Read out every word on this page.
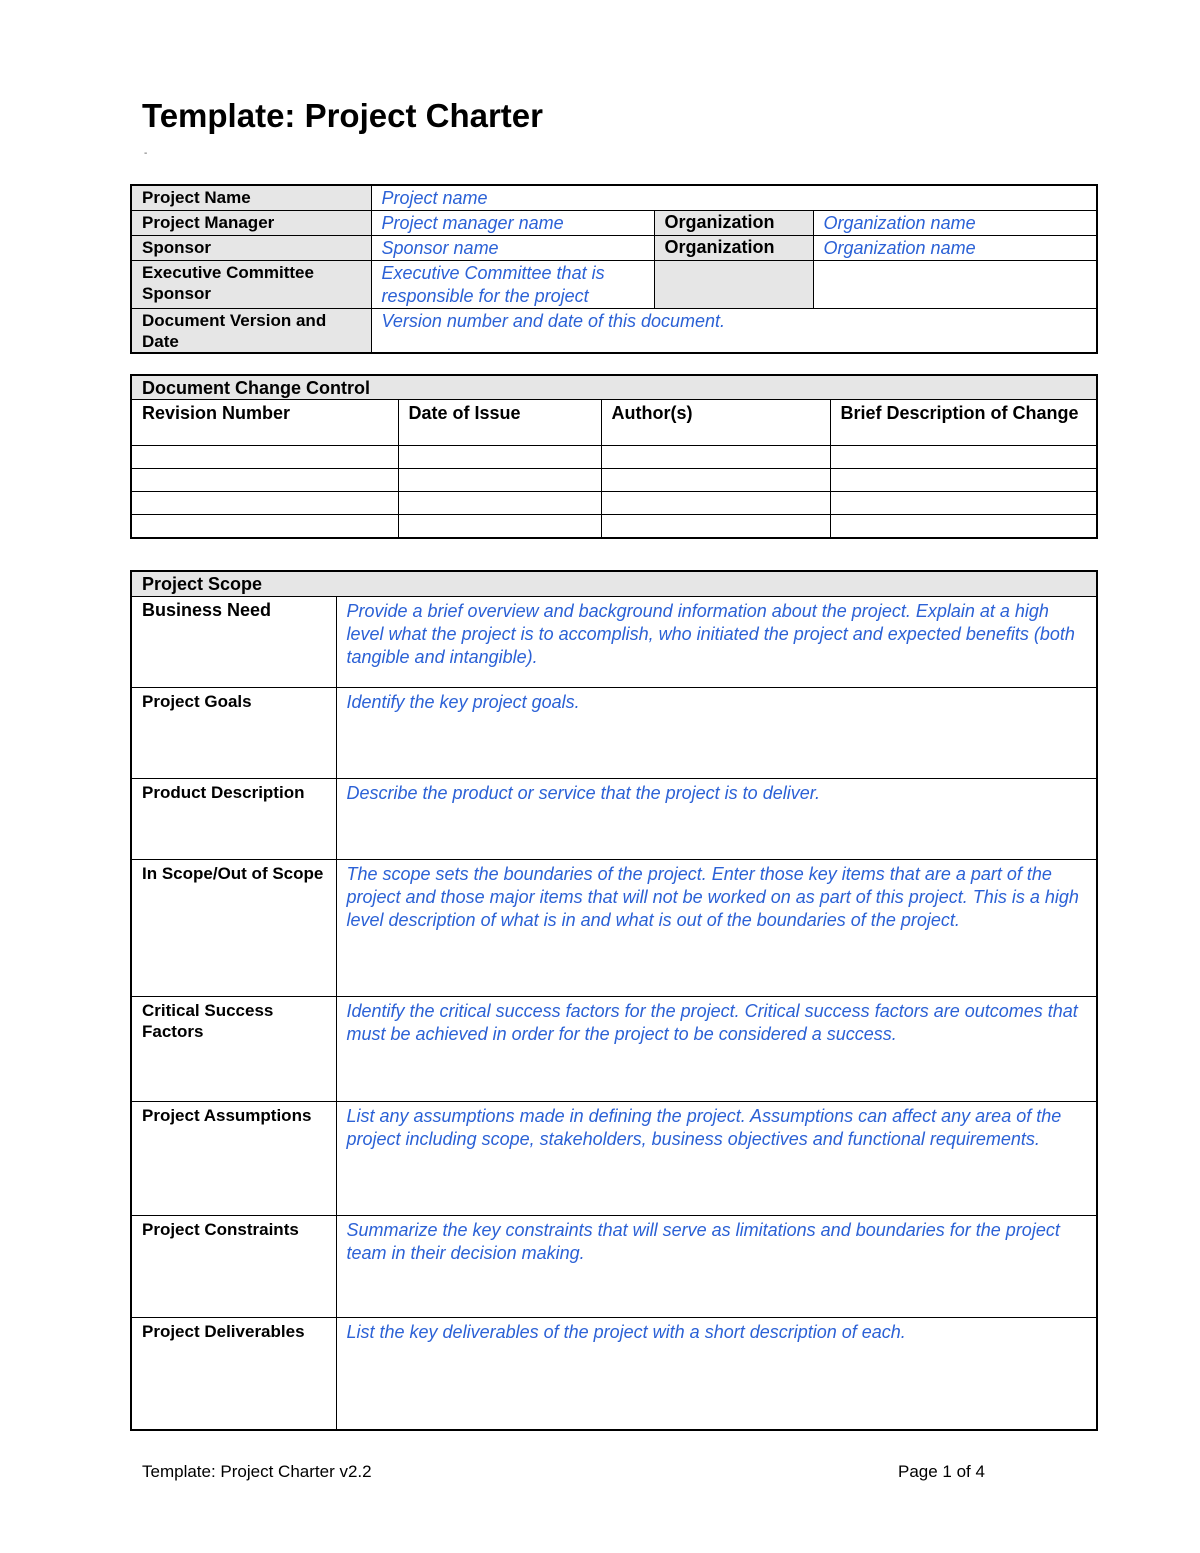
Template: Project Charter
-
Project Name	Project name		
Project Manager	Project manager name	Organization	Organization name
Sponsor	Sponsor name	Organization	Organization name
Executive Committee Sponsor	Executive Committee that is responsible for the project		
Document Version and Date	Version number and date of this document.		
Document Change Control			
Revision Number	Date of Issue	Author(s)	Brief Description of Change

Project Scope	
Business Need	Provide a brief overview and background information about the project. Explain at a high level what the project is to accomplish, who initiated the project and expected benefits (both tangible and intangible).
Project Goals	Identify the key project goals.
Product Description	Describe the product or service that the project is to deliver.
In Scope/Out of Scope	The scope sets the boundaries of the project. Enter those key items that are a part of the project and those major items that will not be worked on as part of this project. This is a high level description of what is in and what is out of the boundaries of the project.
Critical Success Factors	Identify the critical success factors for the project. Critical success factors are outcomes that must be achieved in order for the project to be considered a success.
Project Assumptions	List any assumptions made in defining the project. Assumptions can affect any area of the project including scope, stakeholders, business objectives and functional requirements.
Project Constraints	Summarize the key constraints that will serve as limitations and boundaries for the project team in their decision making.
Project Deliverables	List the key deliverables of the project with a short description of each.
Template: Project Charter v2.2	Page 1 of 4
